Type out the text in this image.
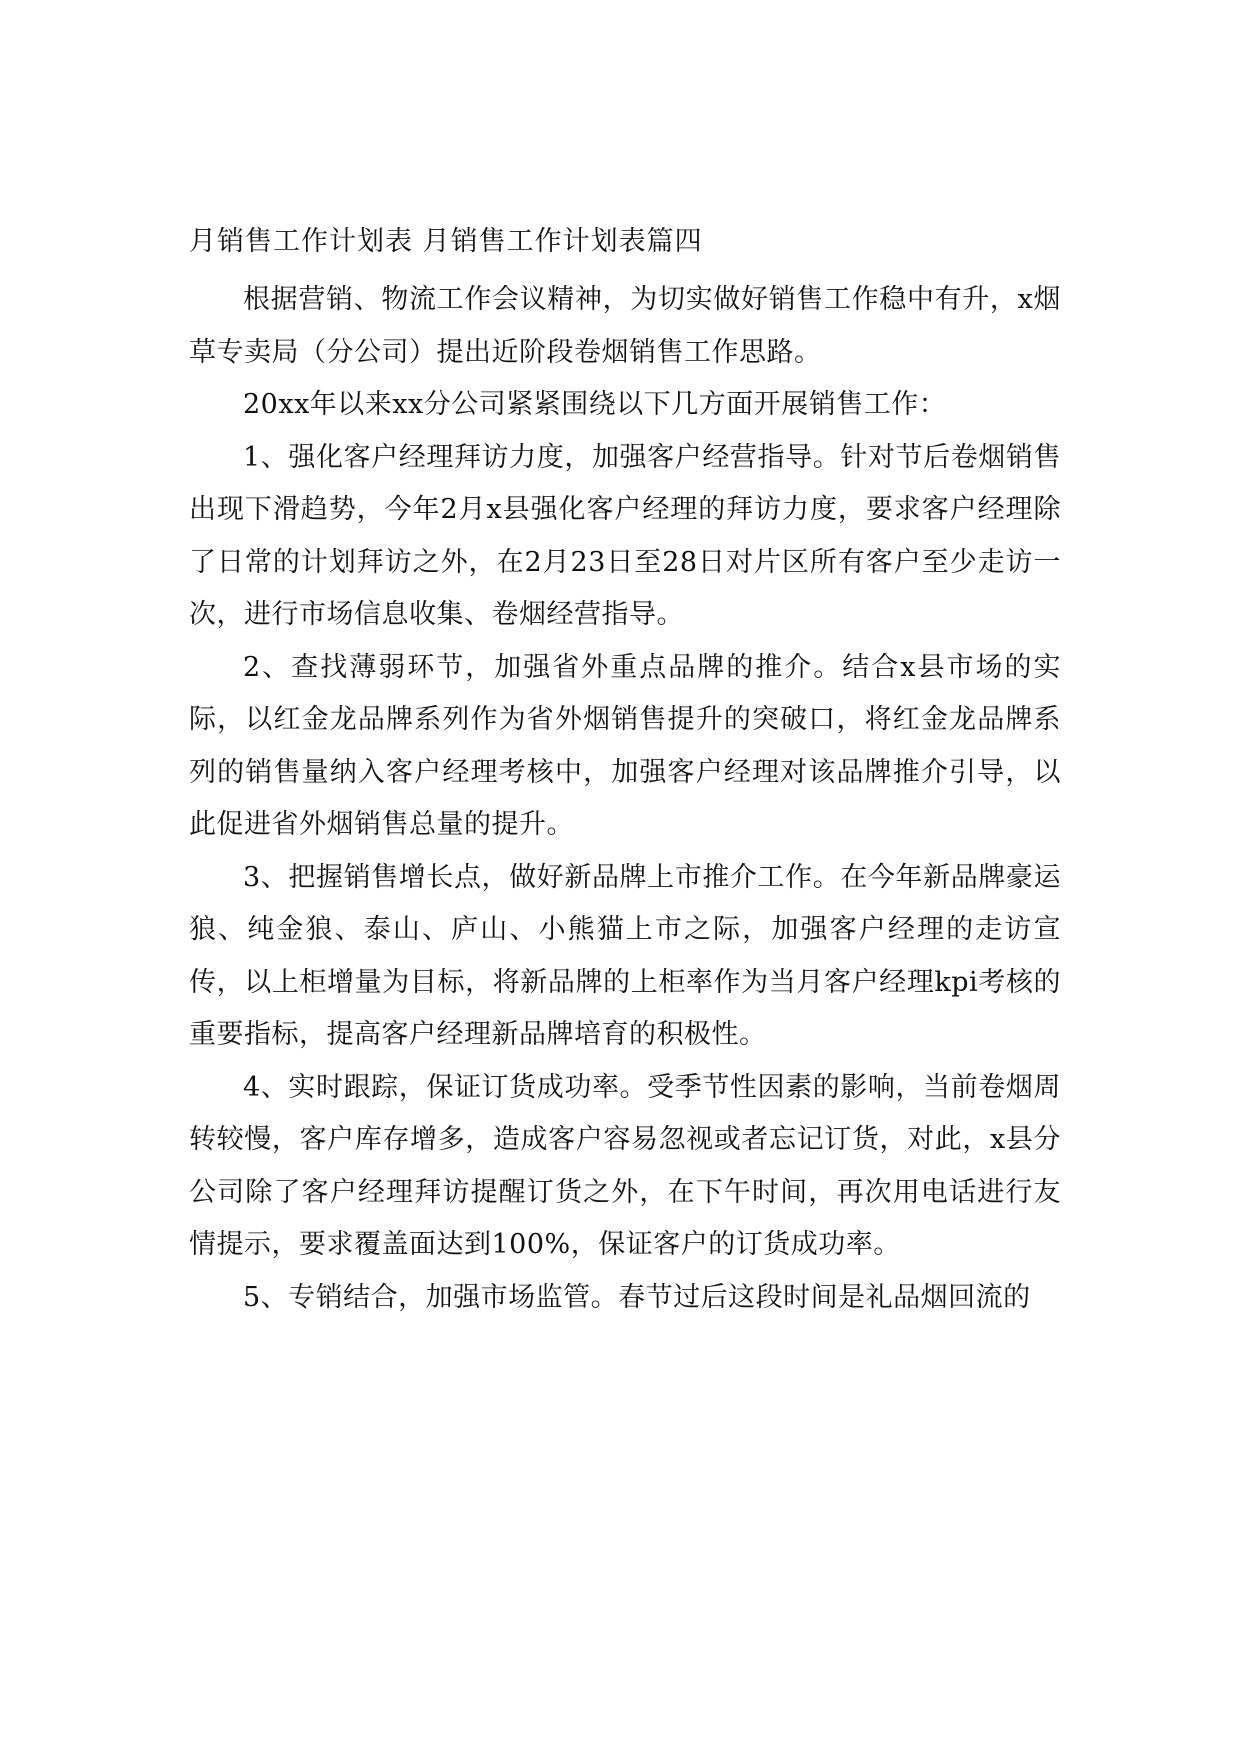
月销售工作计划表 月销售工作计划表篇四

根据营销、物流工作会议精神，为切实做好销售工作稳中有升，x烟草专卖局（分公司）提出近阶段卷烟销售工作思路。

20xx年以来xx分公司紧紧围绕以下几方面开展销售工作：

1、强化客户经理拜访力度，加强客户经营指导。针对节后卷烟销售出现下滑趋势，今年2月x县强化客户经理的拜访力度，要求客户经理除了日常的计划拜访之外，在2月23日至28日对片区所有客户至少走访一次，进行市场信息收集、卷烟经营指导。

2、查找薄弱环节，加强省外重点品牌的推介。结合x县市场的实际，以红金龙品牌系列作为省外烟销售提升的突破口，将红金龙品牌系列的销售量纳入客户经理考核中，加强客户经理对该品牌推介引导，以此促进省外烟销售总量的提升。

3、把握销售增长点，做好新品牌上市推介工作。在今年新品牌豪运狼、纯金狼、泰山、庐山、小熊猫上市之际，加强客户经理的走访宣传，以上柜增量为目标，将新品牌的上柜率作为当月客户经理kpi考核的重要指标，提高客户经理新品牌培育的积极性。

4、实时跟踪，保证订货成功率。受季节性因素的影响，当前卷烟周转较慢，客户库存增多，造成客户容易忽视或者忘记订货，对此，x县分公司除了客户经理拜访提醒订货之外，在下午时间，再次用电话进行友情提示，要求覆盖面达到100%，保证客户的订货成功率。

5、专销结合，加强市场监管。春节过后这段时间是礼品烟回流的
